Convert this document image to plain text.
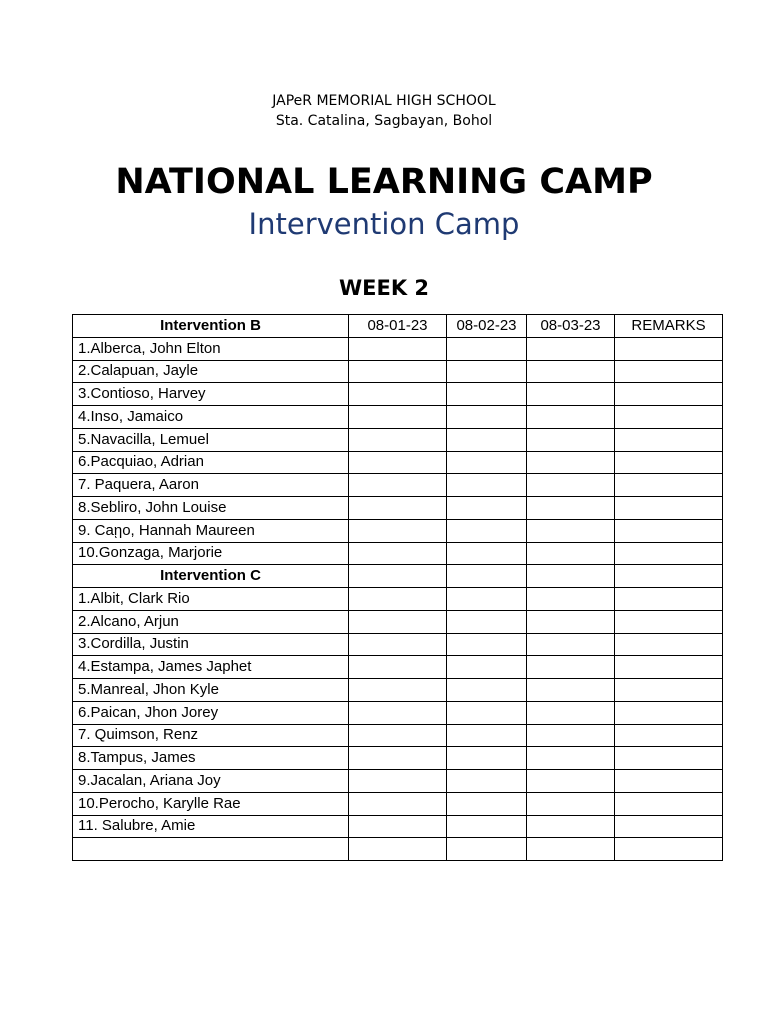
JAPeR MEMORIAL HIGH SCHOOL
Sta. Catalina, Sagbayan, Bohol
NATIONAL LEARNING CAMP
Intervention Camp
WEEK 2
Intervention B	08-01-23	08-02-23	08-03-23	REMARKS
1.Alberca, John Elton				
2.Calapuan, Jayle				
3.Contioso, Harvey				
4.Inso, Jamaico				
5.Navacilla, Lemuel				
6.Pacquiao, Adrian				
7. Paquera, Aaron				
8.Sebliro, John Louise				
9. Caῃo, Hannah Maureen				
10.Gonzaga, Marjorie				
Intervention C				
1.Albit, Clark Rio				
2.Alcano, Arjun				
3.Cordilla, Justin				
4.Estampa, James Japhet				
5.Manreal, Jhon Kyle				
6.Paican, Jhon Jorey				
7. Quimson, Renz				
8.Tampus, James				
9.Jacalan, Ariana Joy				
10.Perocho, Karylle Rae				
11. Salubre, Amie				
